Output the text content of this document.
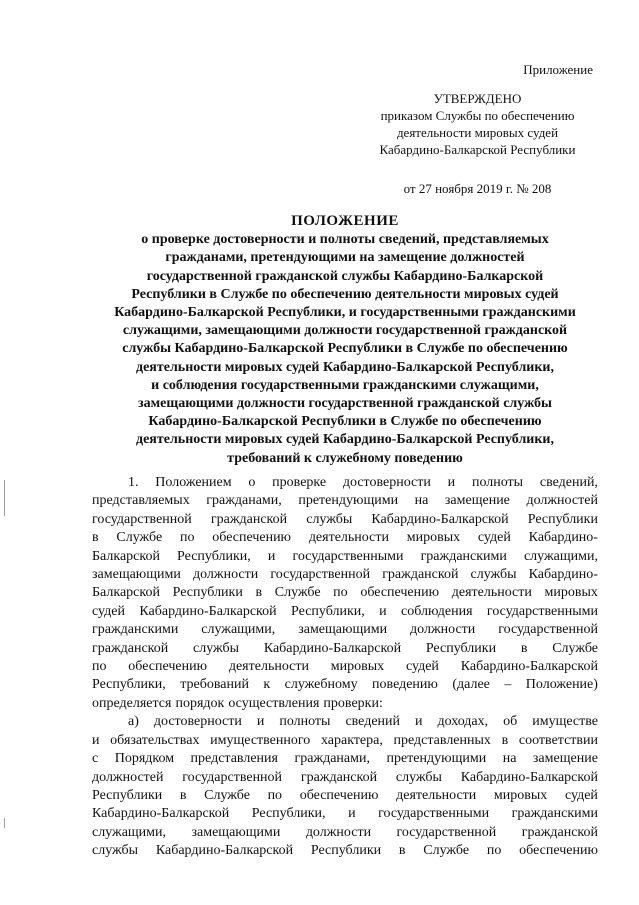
Приложение
УТВЕРЖДЕНО
приказом Службы по обеспечению
деятельности мировых судей
Кабардино-Балкарской Республики
от 27 ноября 2019 г. № 208
ПОЛОЖЕНИЕ
о проверке достоверности и полноты сведений, представляемых
гражданами, претендующими на замещение должностей
государственной гражданской службы Кабардино-Балкарской
Республики в Службе по обеспечению деятельности мировых судей
Кабардино-Балкарской Республики, и государственными гражданскими
служащими, замещающими должности государственной гражданской
службы Кабардино-Балкарской Республики в Службе по обеспечению
деятельности мировых судей Кабардино-Балкарской Республики,
и соблюдения государственными гражданскими служащими,
замещающими должности государственной гражданской службы
Кабардино-Балкарской Республики в Службе по обеспечению
деятельности мировых судей Кабардино-Балкарской Республики,
требований к служебному поведению
1. Положением о проверке достоверности и полноты сведений,
представляемых гражданами, претендующими на замещение должностей
государственной гражданской службы Кабардино-Балкарской Республики
в Службе по обеспечению деятельности мировых судей Кабардино-
Балкарской Республики, и государственными гражданскими служащими,
замещающими должности государственной гражданской службы Кабардино-
Балкарской Республики в Службе по обеспечению деятельности мировых
судей Кабардино-Балкарской Республики, и соблюдения государственными
гражданскими служащими, замещающими должности государственной
гражданской службы Кабардино-Балкарской Республики в Службе
по обеспечению деятельности мировых судей Кабардино-Балкарской
Республики, требований к служебному поведению (далее – Положение)
определяется порядок осуществления проверки:
а) достоверности и полноты сведений и доходах, об имуществе
и обязательствах имущественного характера, представленных в соответствии
с Порядком представления гражданами, претендующими на замещение
должностей государственной гражданской службы Кабардино-Балкарской
Республики в Службе по обеспечению деятельности мировых судей
Кабардино-Балкарской Республики, и государственными гражданскими
служащими, замещающими должности государственной гражданской
службы Кабардино-Балкарской Республики в Службе по обеспечению
